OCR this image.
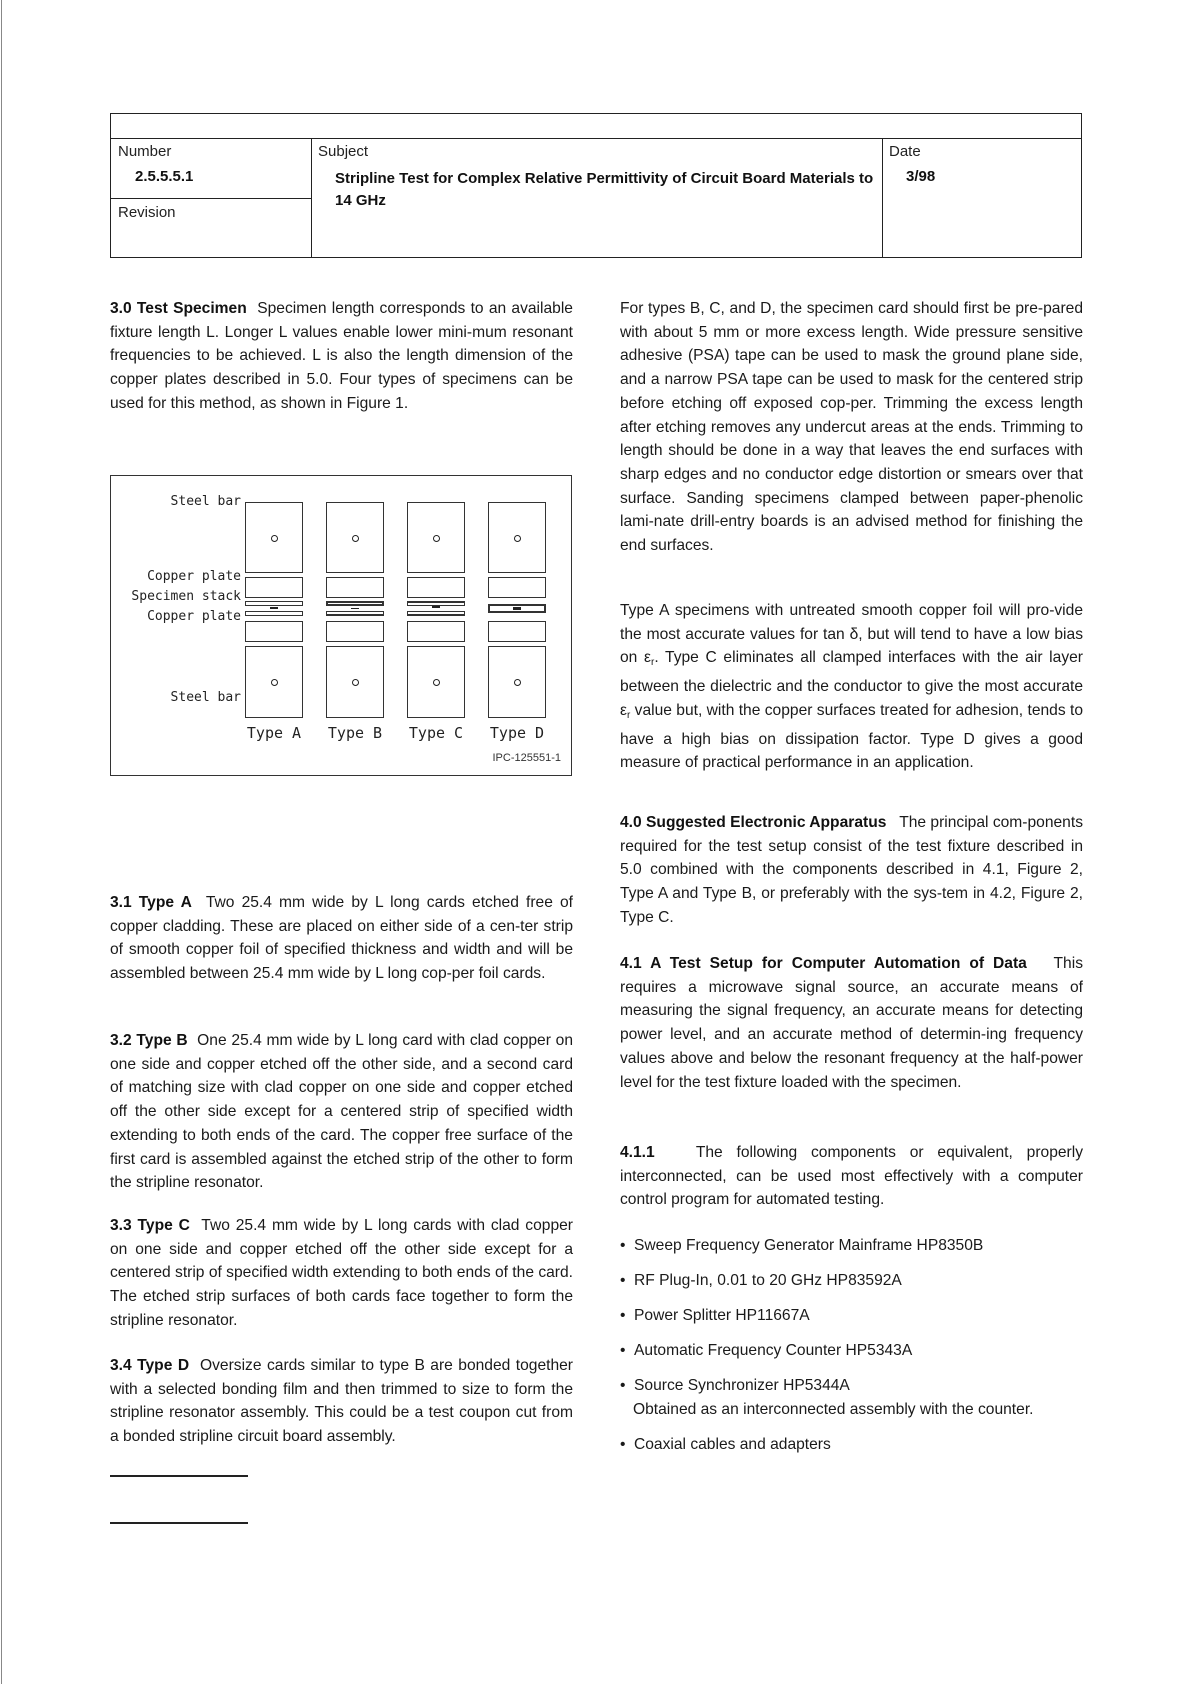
Number
2.5.5.5.1
Revision
Subject
Stripline Test for Complex Relative Permittivity of Circuit Board Materials to 14 GHz
Date
3/98

3.0 Test Specimen Specimen length corresponds to an available fixture length L. Longer L values enable lower mini-mum resonant frequencies to be achieved. L is also the length dimension of the copper plates described in 5.0. Four types of specimens can be used for this method, as shown in Figure 1.

3.1 Type A Two 25.4 mm wide by L long cards etched free of copper cladding. These are placed on either side of a cen-ter strip of smooth copper foil of specified thickness and width and will be assembled between 25.4 mm wide by L long cop-per foil cards.

3.2 Type B One 25.4 mm wide by L long card with clad copper on one side and copper etched off the other side, and a second card of matching size with clad copper on one side and copper etched off the other side except for a centered strip of specified width extending to both ends of the card. The copper free surface of the first card is assembled against the etched strip of the other to form the stripline resonator.

3.3 Type C Two 25.4 mm wide by L long cards with clad copper on one side and copper etched off the other side except for a centered strip of specified width extending to both ends of the card. The etched strip surfaces of both cards face together to form the stripline resonator.

3.4 Type D Oversize cards similar to type B are bonded together with a selected bonding film and then trimmed to size to form the stripline resonator assembly. This could be a test coupon cut from a bonded stripline circuit board assembly.

Steel bar
Copper plate
Specimen stack
Copper plate
Steel bar
Type A Type B Type C Type D
IPC-125551-1

For types B, C, and D, the specimen card should first be pre-pared with about 5 mm or more excess length. Wide pressure sensitive adhesive (PSA) tape can be used to mask the ground plane side, and a narrow PSA tape can be used to mask for the centered strip before etching off exposed cop-per. Trimming the excess length after etching removes any undercut areas at the ends. Trimming to length should be done in a way that leaves the end surfaces with sharp edges and no conductor edge distortion or smears over that surface. Sanding specimens clamped between paper-phenolic lami-nate drill-entry boards is an advised method for finishing the end surfaces.

Type A specimens with untreated smooth copper foil will pro-vide the most accurate values for tan δ, but will tend to have a low bias on $\varepsilon_r$. Type C eliminates all clamped interfaces with the air layer between the dielectric and the conductor to give the most accurate $\varepsilon_r$ value but, with the copper surfaces treated for adhesion, tends to have a high bias on dissipation factor. Type D gives a good measure of practical performance in an application.

4.0 Suggested Electronic Apparatus The principal com-ponents required for the test setup consist of the test fixture described in 5.0 combined with the components described in 4.1, Figure 2, Type A and Type B, or preferably with the sys-tem in 4.2, Figure 2, Type C.

4.1 A Test Setup for Computer Automation of Data This requires a microwave signal source, an accurate means of measuring the signal frequency, an accurate means for detecting power level, and an accurate method of determin-ing frequency values above and below the resonant frequency at the half-power level for the test fixture loaded with the specimen.

4.1.1	The following components or equivalent, properly interconnected, can be used most effectively with a computer control program for automated testing.

• Sweep Frequency Generator Mainframe HP8350B
• RF Plug-In, 0.01 to 20 GHz HP83592A
• Power Splitter HP11667A
• Automatic Frequency Counter HP5343A
• Source Synchronizer HP5344A
Obtained as an interconnected assembly with the counter.
• Coaxial cables and adapters
